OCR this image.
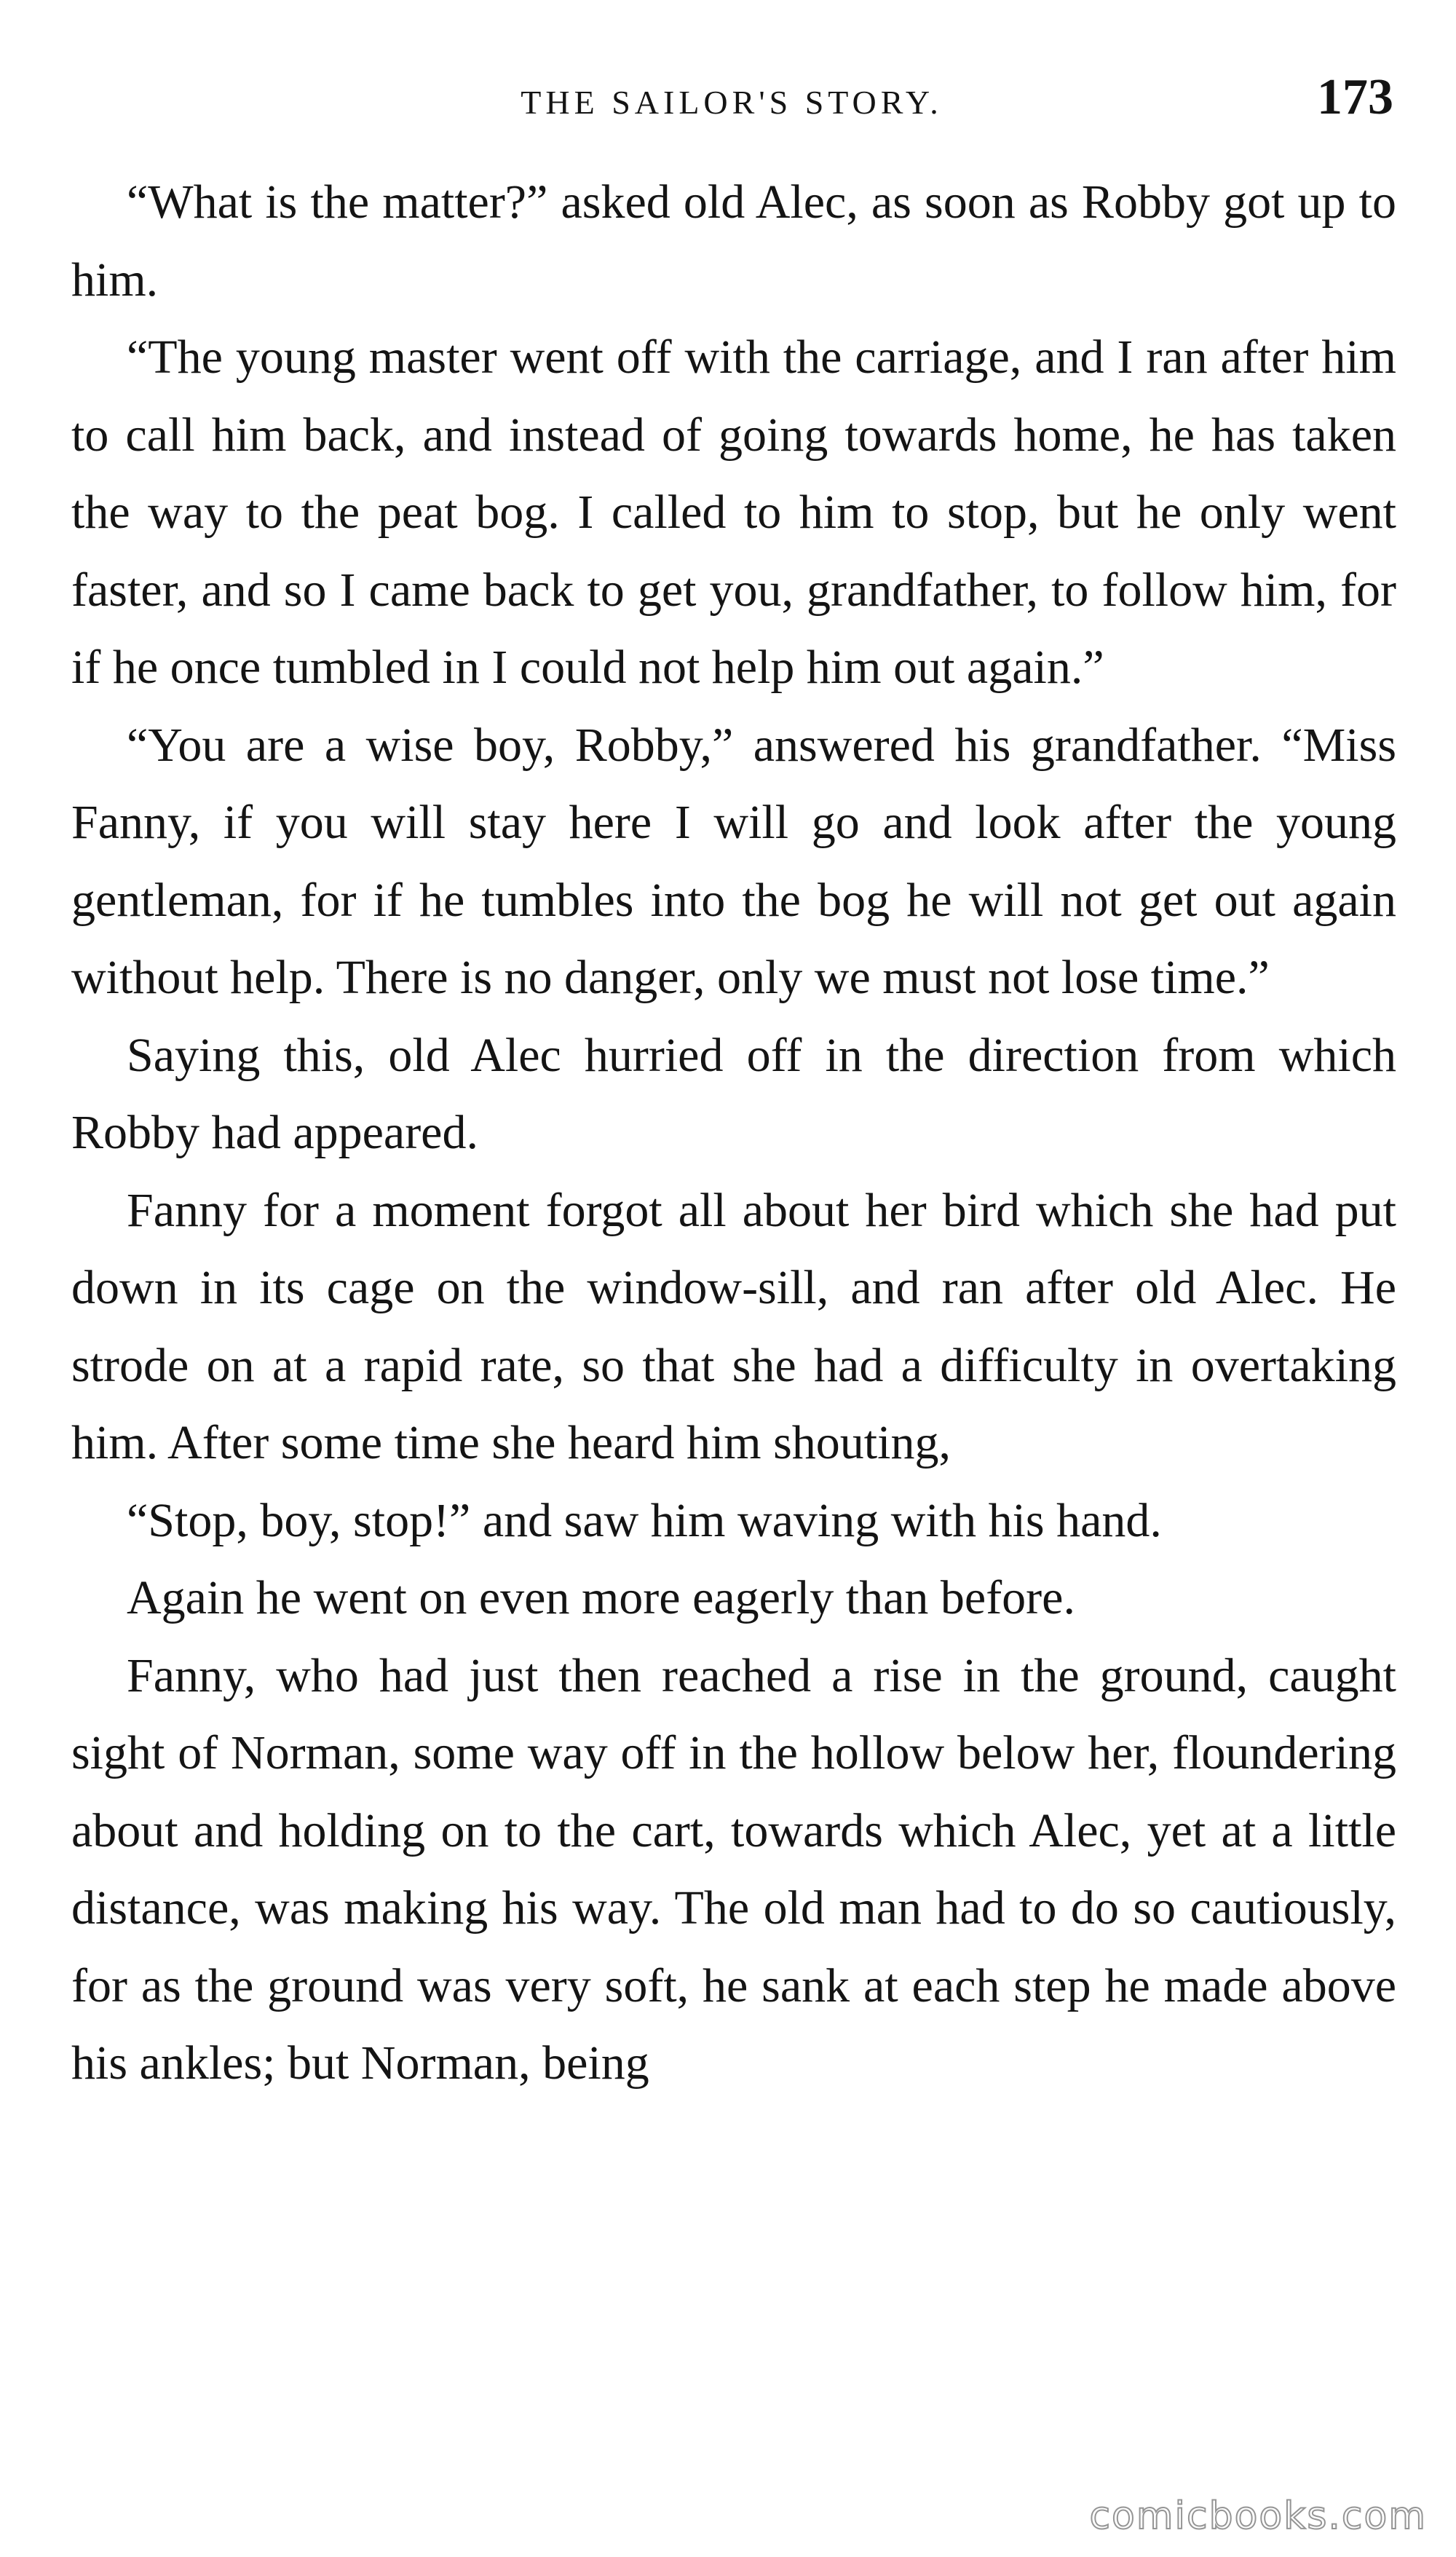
THE SAILOR'S STORY.	173

“What is the matter?” asked old Alec, as soon as Robby got up to him.

“The young master went off with the carriage, and I ran after him to call him back, and instead of going towards home, he has taken the way to the peat bog. I called to him to stop, but he only went faster, and so I came back to get you, grandfather, to follow him, for if he once tumbled in I could not help him out again.”

“You are a wise boy, Robby,” answered his grandfather. “Miss Fanny, if you will stay here I will go and look after the young gentleman, for if he tumbles into the bog he will not get out again without help. There is no danger, only we must not lose time.”

Saying this, old Alec hurried off in the direction from which Robby had appeared.

Fanny for a moment forgot all about her bird which she had put down in its cage on the window-sill, and ran after old Alec. He strode on at a rapid rate, so that she had a difficulty in overtaking him. After some time she heard him shouting,

“Stop, boy, stop!” and saw him waving with his hand.

Again he went on even more eagerly than before.

Fanny, who had just then reached a rise in the ground, caught sight of Norman, some way off in the hollow below her, floundering about and holding on to the cart, towards which Alec, yet at a little distance, was making his way. The old man had to do so cautiously, for as the ground was very soft, he sank at each step he made above his ankles; but Norman, being

comicbooks.com
